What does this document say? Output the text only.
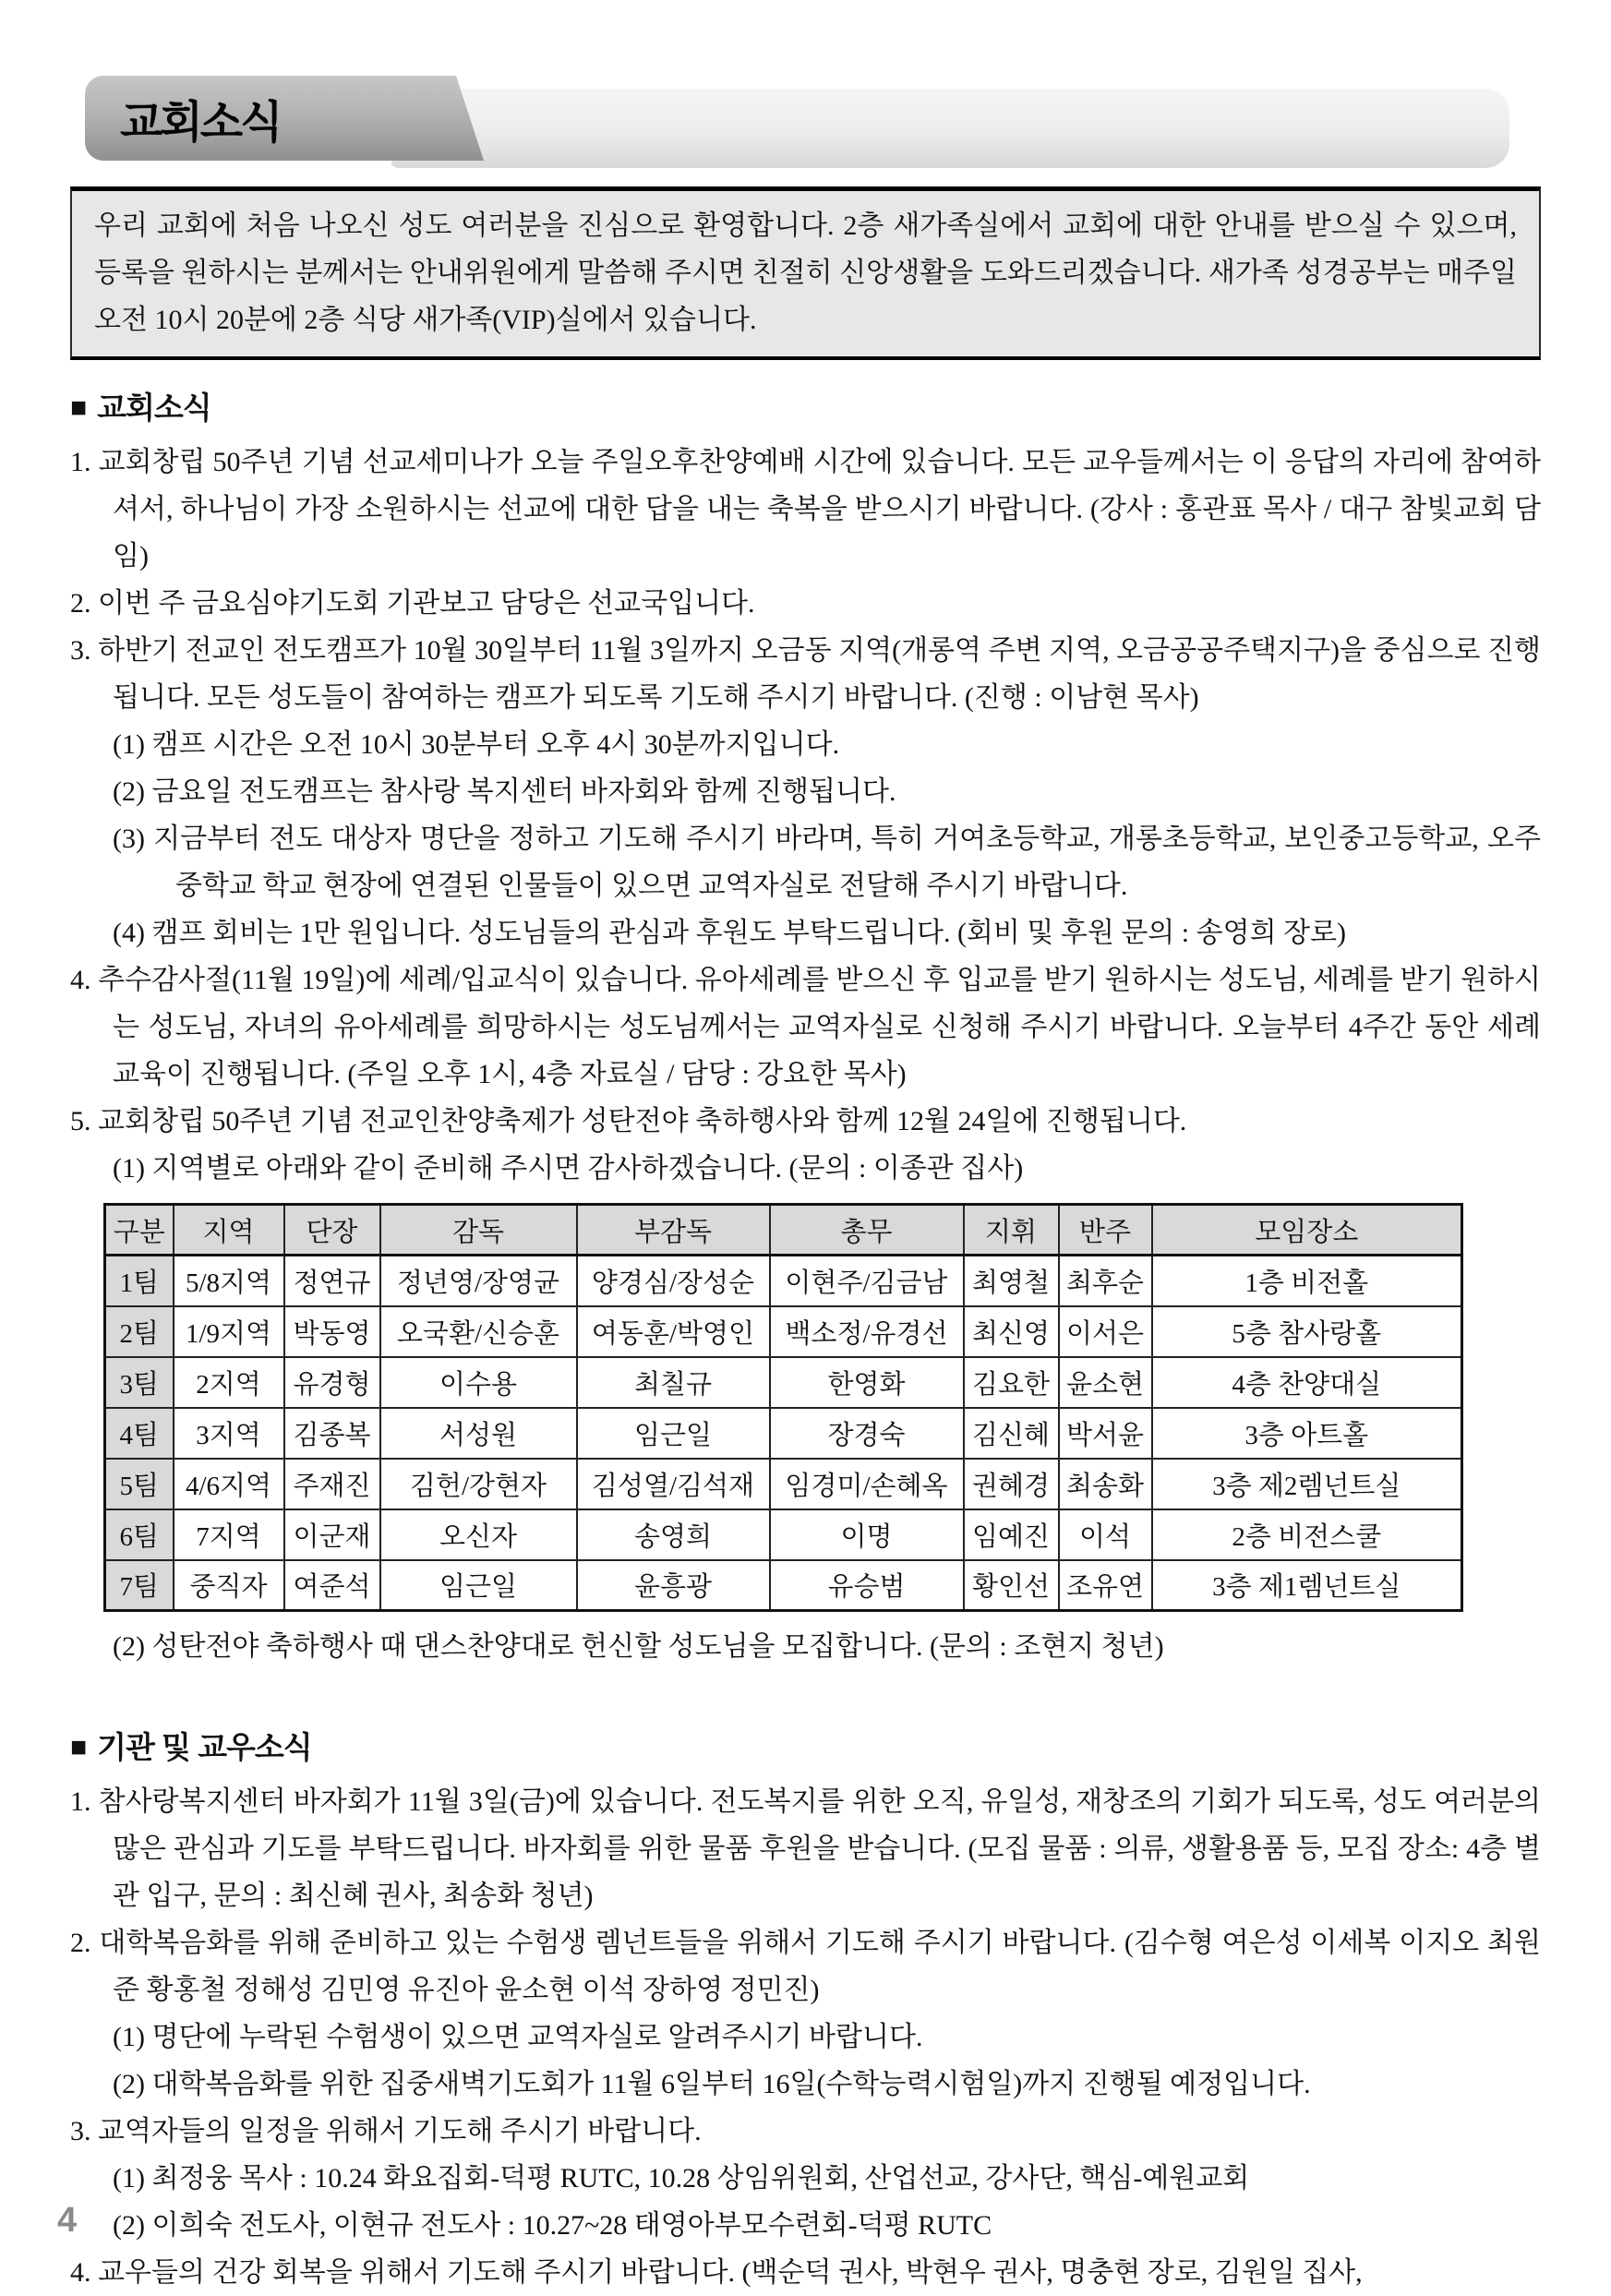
교회소식

우리 교회에 처음 나오신 성도 여러분을 진심으로 환영합니다. 2층 새가족실에서 교회에 대한 안내를 받으실 수 있으며, 등록을 원하시는 분께서는 안내위원에게 말씀해 주시면 친절히 신앙생활을 도와드리겠습니다. 새가족 성경공부는 매주일 오전 10시 20분에 2층 식당 새가족(VIP)실에서 있습니다.

■ 교회소식

1. 교회창립 50주년 기념 선교세미나가 오늘 주일오후찬양예배 시간에 있습니다. 모든 교우들께서는 이 응답의 자리에 참여하셔서, 하나님이 가장 소원하시는 선교에 대한 답을 내는 축복을 받으시기 바랍니다. (강사 : 홍관표 목사 / 대구 참빛교회 담임)

2. 이번 주 금요심야기도회 기관보고 담당은 선교국입니다.

3. 하반기 전교인 전도캠프가 10월 30일부터 11월 3일까지 오금동 지역(개롱역 주변 지역, 오금공공주택지구)을 중심으로 진행됩니다. 모든 성도들이 참여하는 캠프가 되도록 기도해 주시기 바랍니다. (진행 : 이남현 목사)

(1) 캠프 시간은 오전 10시 30분부터 오후 4시 30분까지입니다.

(2) 금요일 전도캠프는 참사랑 복지센터 바자회와 함께 진행됩니다.

(3) 지금부터 전도 대상자 명단을 정하고 기도해 주시기 바라며, 특히 거여초등학교, 개롱초등학교, 보인중고등학교, 오주중학교 학교 현장에 연결된 인물들이 있으면 교역자실로 전달해 주시기 바랍니다.

(4) 캠프 회비는 1만 원입니다. 성도님들의 관심과 후원도 부탁드립니다. (회비 및 후원 문의 : 송영희 장로)

4. 추수감사절(11월 19일)에 세례/입교식이 있습니다. 유아세례를 받으신 후 입교를 받기 원하시는 성도님, 세례를 받기 원하시는 성도님, 자녀의 유아세례를 희망하시는 성도님께서는 교역자실로 신청해 주시기 바랍니다. 오늘부터 4주간 동안 세례교육이 진행됩니다. (주일 오후 1시, 4층 자료실 / 담당 : 강요한 목사)

5. 교회창립 50주년 기념 전교인찬양축제가 성탄전야 축하행사와 함께 12월 24일에 진행됩니다.

(1) 지역별로 아래와 같이 준비해 주시면 감사하겠습니다. (문의 : 이종관 집사)

구분	지역	단장	감독	부감독	총무	지휘	반주	모임장소
1팀	5/8지역	정연규	정년영/장영균	양경심/장성순	이현주/김금남	최영철	최후순	1층 비전홀
2팀	1/9지역	박동영	오국환/신승훈	여동훈/박영인	백소정/유경선	최신영	이서은	5층 참사랑홀
3팀	2지역	유경형	이수용	최칠규	한영화	김요한	윤소현	4층 찬양대실
4팀	3지역	김종복	서성원	임근일	장경숙	김신혜	박서윤	3층 아트홀
5팀	4/6지역	주재진	김헌/강현자	김성열/김석재	임경미/손혜옥	권혜경	최송화	3층 제2렘넌트실
6팀	7지역	이군재	오신자	송영희	이명	임예진	이석	2층 비전스쿨
7팀	중직자	여준석	임근일	윤흥광	유승범	황인선	조유연	3층 제1렘넌트실

(2) 성탄전야 축하행사 때 댄스찬양대로 헌신할 성도님을 모집합니다. (문의 : 조현지 청년)

■ 기관 및 교우소식

1. 참사랑복지센터 바자회가 11월 3일(금)에 있습니다. 전도복지를 위한 오직, 유일성, 재창조의 기회가 되도록, 성도 여러분의 많은 관심과 기도를 부탁드립니다. 바자회를 위한 물품 후원을 받습니다. (모집 물품 : 의류, 생활용품 등, 모집 장소: 4층 별관 입구, 문의 : 최신혜 권사, 최송화 청년)

2. 대학복음화를 위해 준비하고 있는 수험생 렘넌트들을 위해서 기도해 주시기 바랍니다. (김수형 여은성 이세복 이지오 최원준 황홍철 정해성 김민영 유진아 윤소현 이석 장하영 정민진)

(1) 명단에 누락된 수험생이 있으면 교역자실로 알려주시기 바랍니다.

(2) 대학복음화를 위한 집중새벽기도회가 11월 6일부터 16일(수학능력시험일)까지 진행될 예정입니다.

3. 교역자들의 일정을 위해서 기도해 주시기 바랍니다.

(1) 최정웅 목사 : 10.24 화요집회-덕평 RUTC, 10.28 상임위원회, 산업선교, 강사단, 핵심-예원교회

(2) 이희숙 전도사, 이현규 전도사 : 10.27~28 태영아부모수련회-덕평 RUTC

4. 교우들의 건강 회복을 위해서 기도해 주시기 바랍니다. (백순덕 권사, 박현우 권사, 명충현 장로, 김원일 집사,

4
